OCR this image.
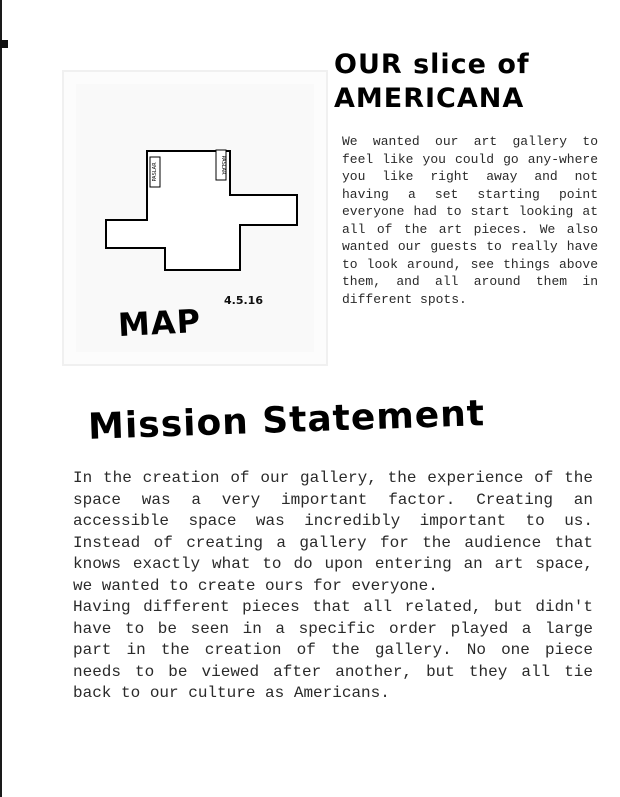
PASLAR	PASLAR
OUR slice of
AMERICANA
We wanted our art gallery to feel like you could go any-where you like right away and not having a set starting point everyone had to start looking at all of the art pieces. We also wanted our guests to really have to look around, see things above them, and all around them in different spots.
4.5.16
MAP
Mission Statement

In the creation of our gallery, the experience of the space was a very important factor. Creating an accessible space was incredibly important to us. Instead of creating a gallery for the audience that knows exactly what to do upon entering an art space, we wanted to create ours for everyone.

Having different pieces that all related, but didn't have to be seen in a specific order played a large part in the creation of the gallery. No one piece needs to be viewed after another, but they all tie back to our culture as Americans.
